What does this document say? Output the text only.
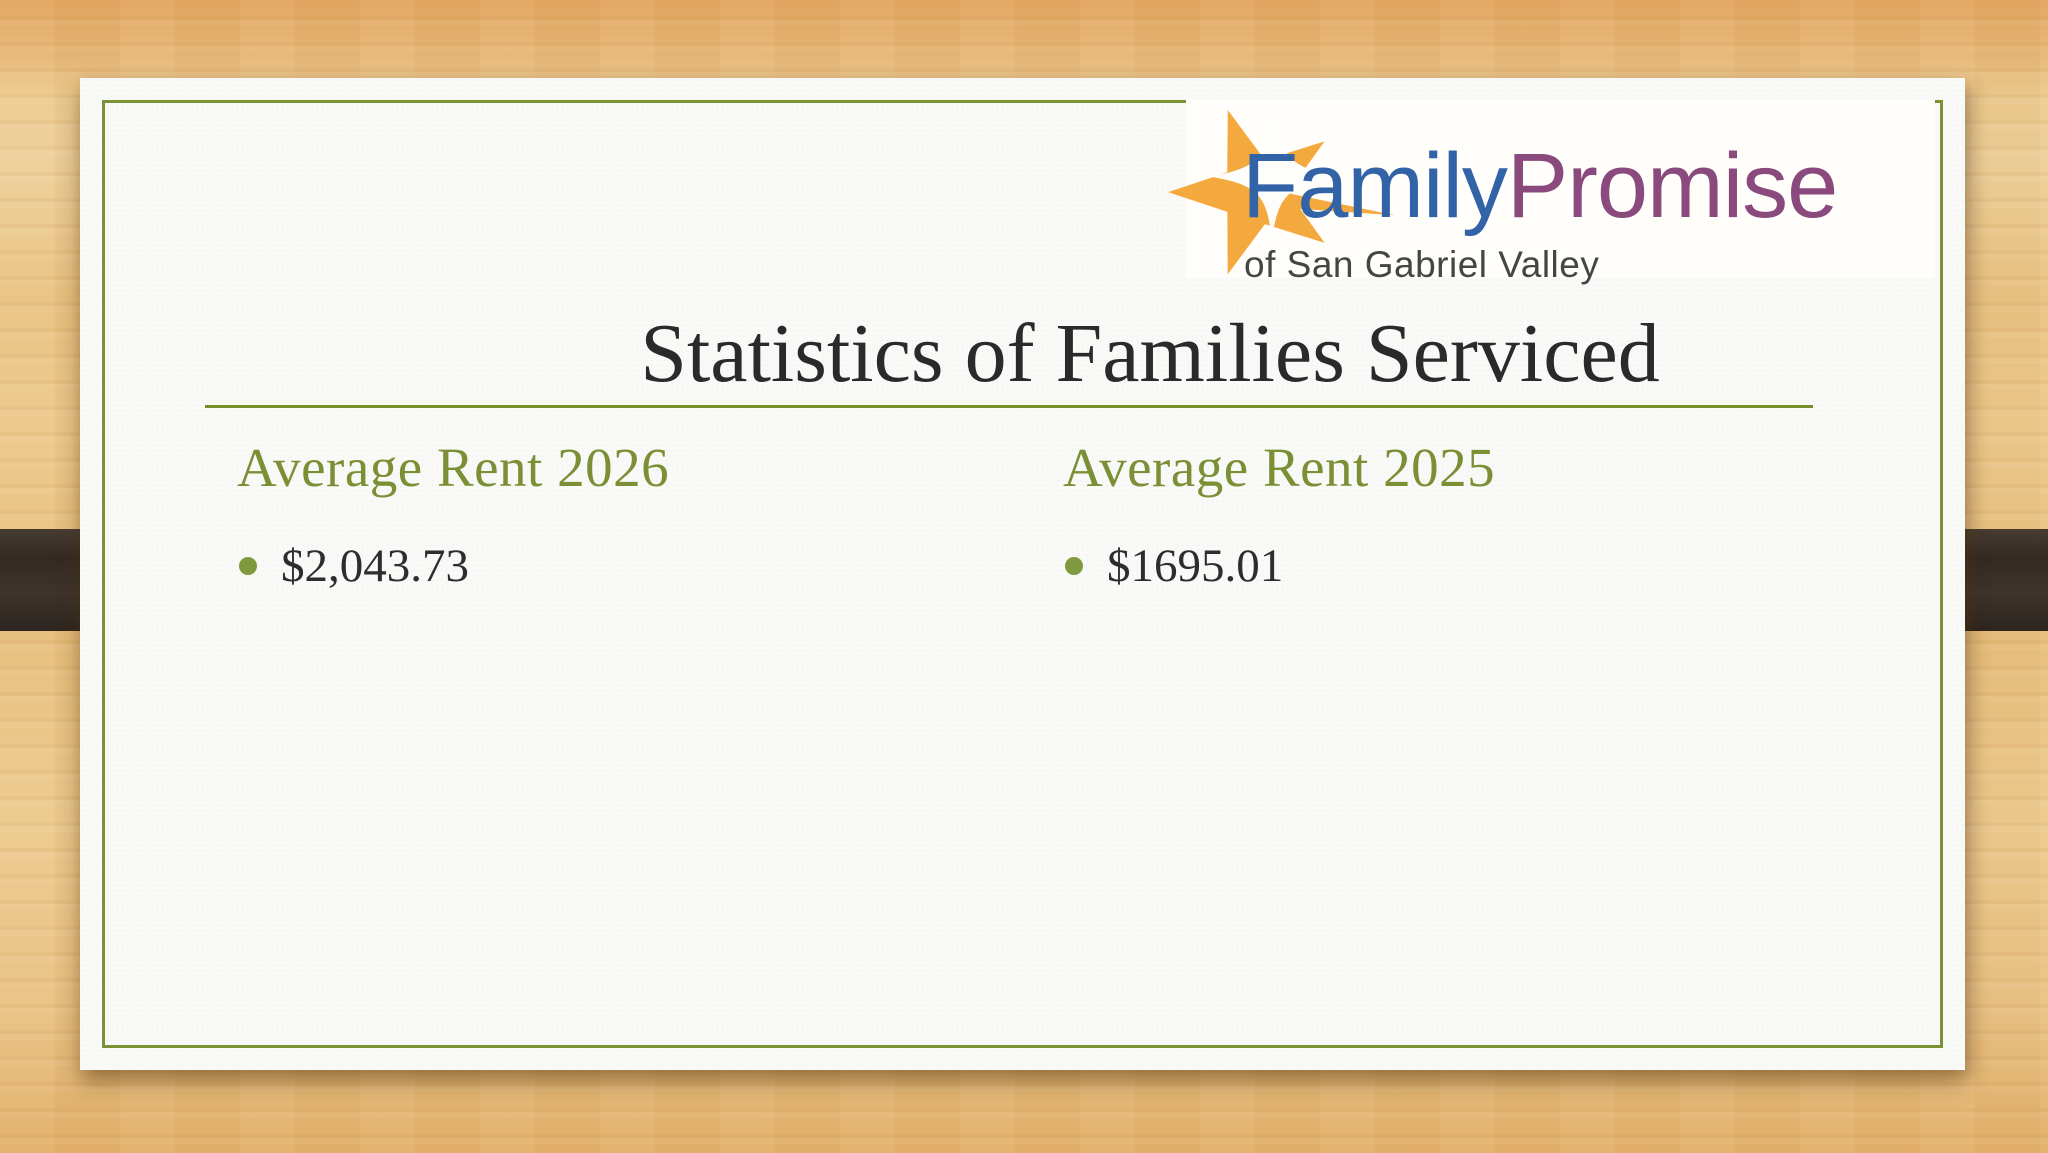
FamilyPromise
of San Gabriel Valley
Statistics of Families Serviced
Average Rent 2026
$2,043.73
Average Rent 2025
$1695.01
